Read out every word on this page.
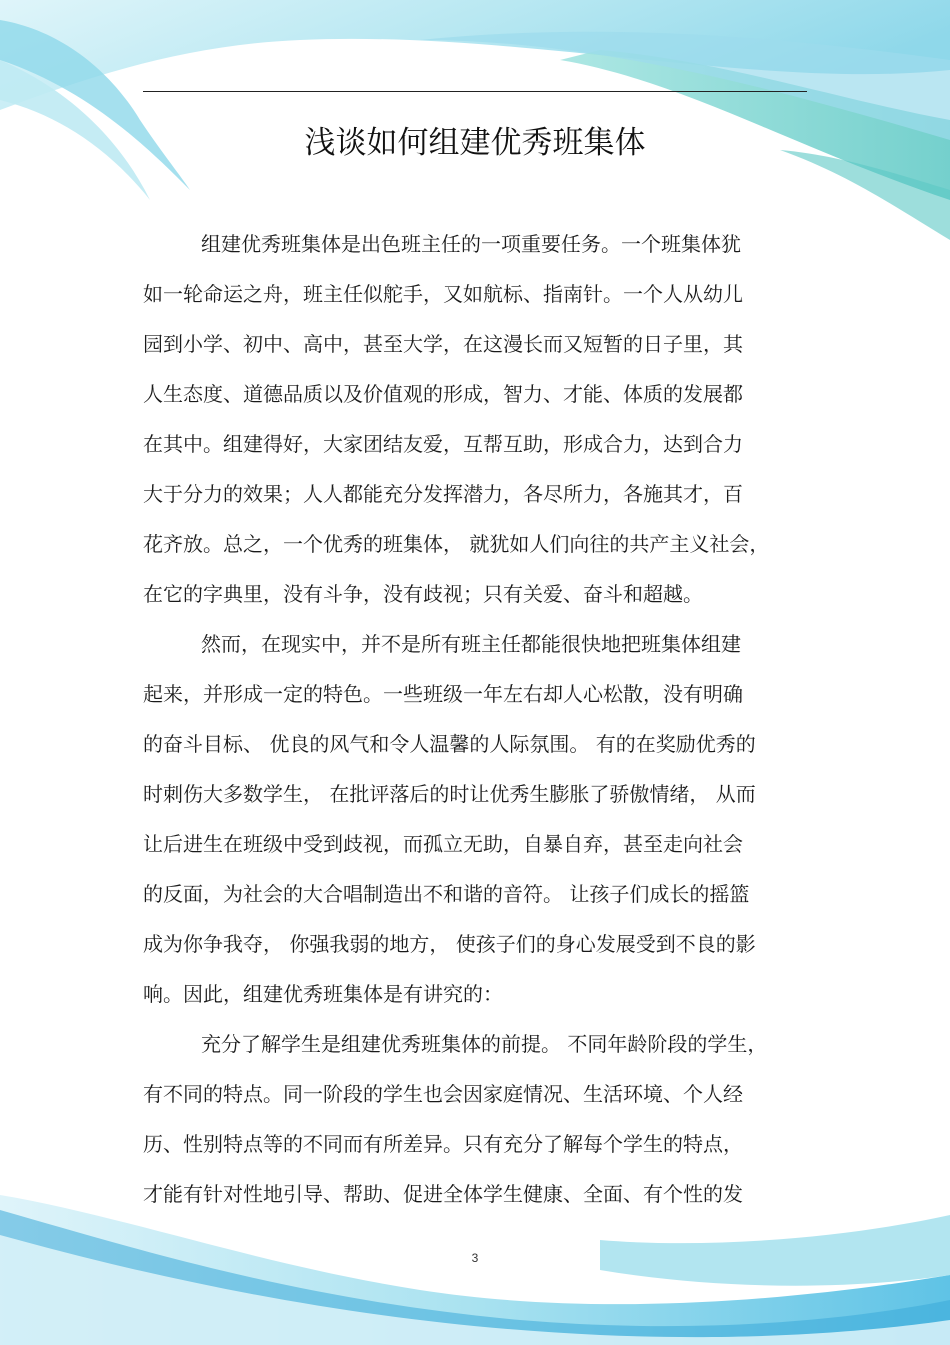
浅谈如何组建优秀班集体
组建优秀班集体是出色班主任的一项重要任务。一个班集体犹
如一轮命运之舟，班主任似舵手，又如航标、指南针。一个人从幼儿
园到小学、初中、高中，甚至大学，在这漫长而又短暂的日子里，其
人生态度、道德品质以及价值观的形成，智力、才能、体质的发展都
在其中。组建得好，大家团结友爱，互帮互助，形成合力，达到合力
大于分力的效果；人人都能充分发挥潜力，各尽所力，各施其才，百
花齐放。总之，一个优秀的班集体， 就犹如人们向往的共产主义社会，
在它的字典里，没有斗争，没有歧视；只有关爱、奋斗和超越。
然而，在现实中，并不是所有班主任都能很快地把班集体组建
起来，并形成一定的特色。一些班级一年左右却人心松散，没有明确
的奋斗目标、 优良的风气和令人温馨的人际氛围。 有的在奖励优秀的
时刺伤大多数学生， 在批评落后的时让优秀生膨胀了骄傲情绪， 从而
让后进生在班级中受到歧视，而孤立无助，自暴自弃，甚至走向社会
的反面，为社会的大合唱制造出不和谐的音符。 让孩子们成长的摇篮
成为你争我夺， 你强我弱的地方， 使孩子们的身心发展受到不良的影
响。因此，组建优秀班集体是有讲究的：
充分了解学生是组建优秀班集体的前提。 不同年龄阶段的学生，
有不同的特点。同一阶段的学生也会因家庭情况、生活环境、个人经
历、性别特点等的不同而有所差异。只有充分了解每个学生的特点，
才能有针对性地引导、帮助、促进全体学生健康、全面、有个性的发
3
